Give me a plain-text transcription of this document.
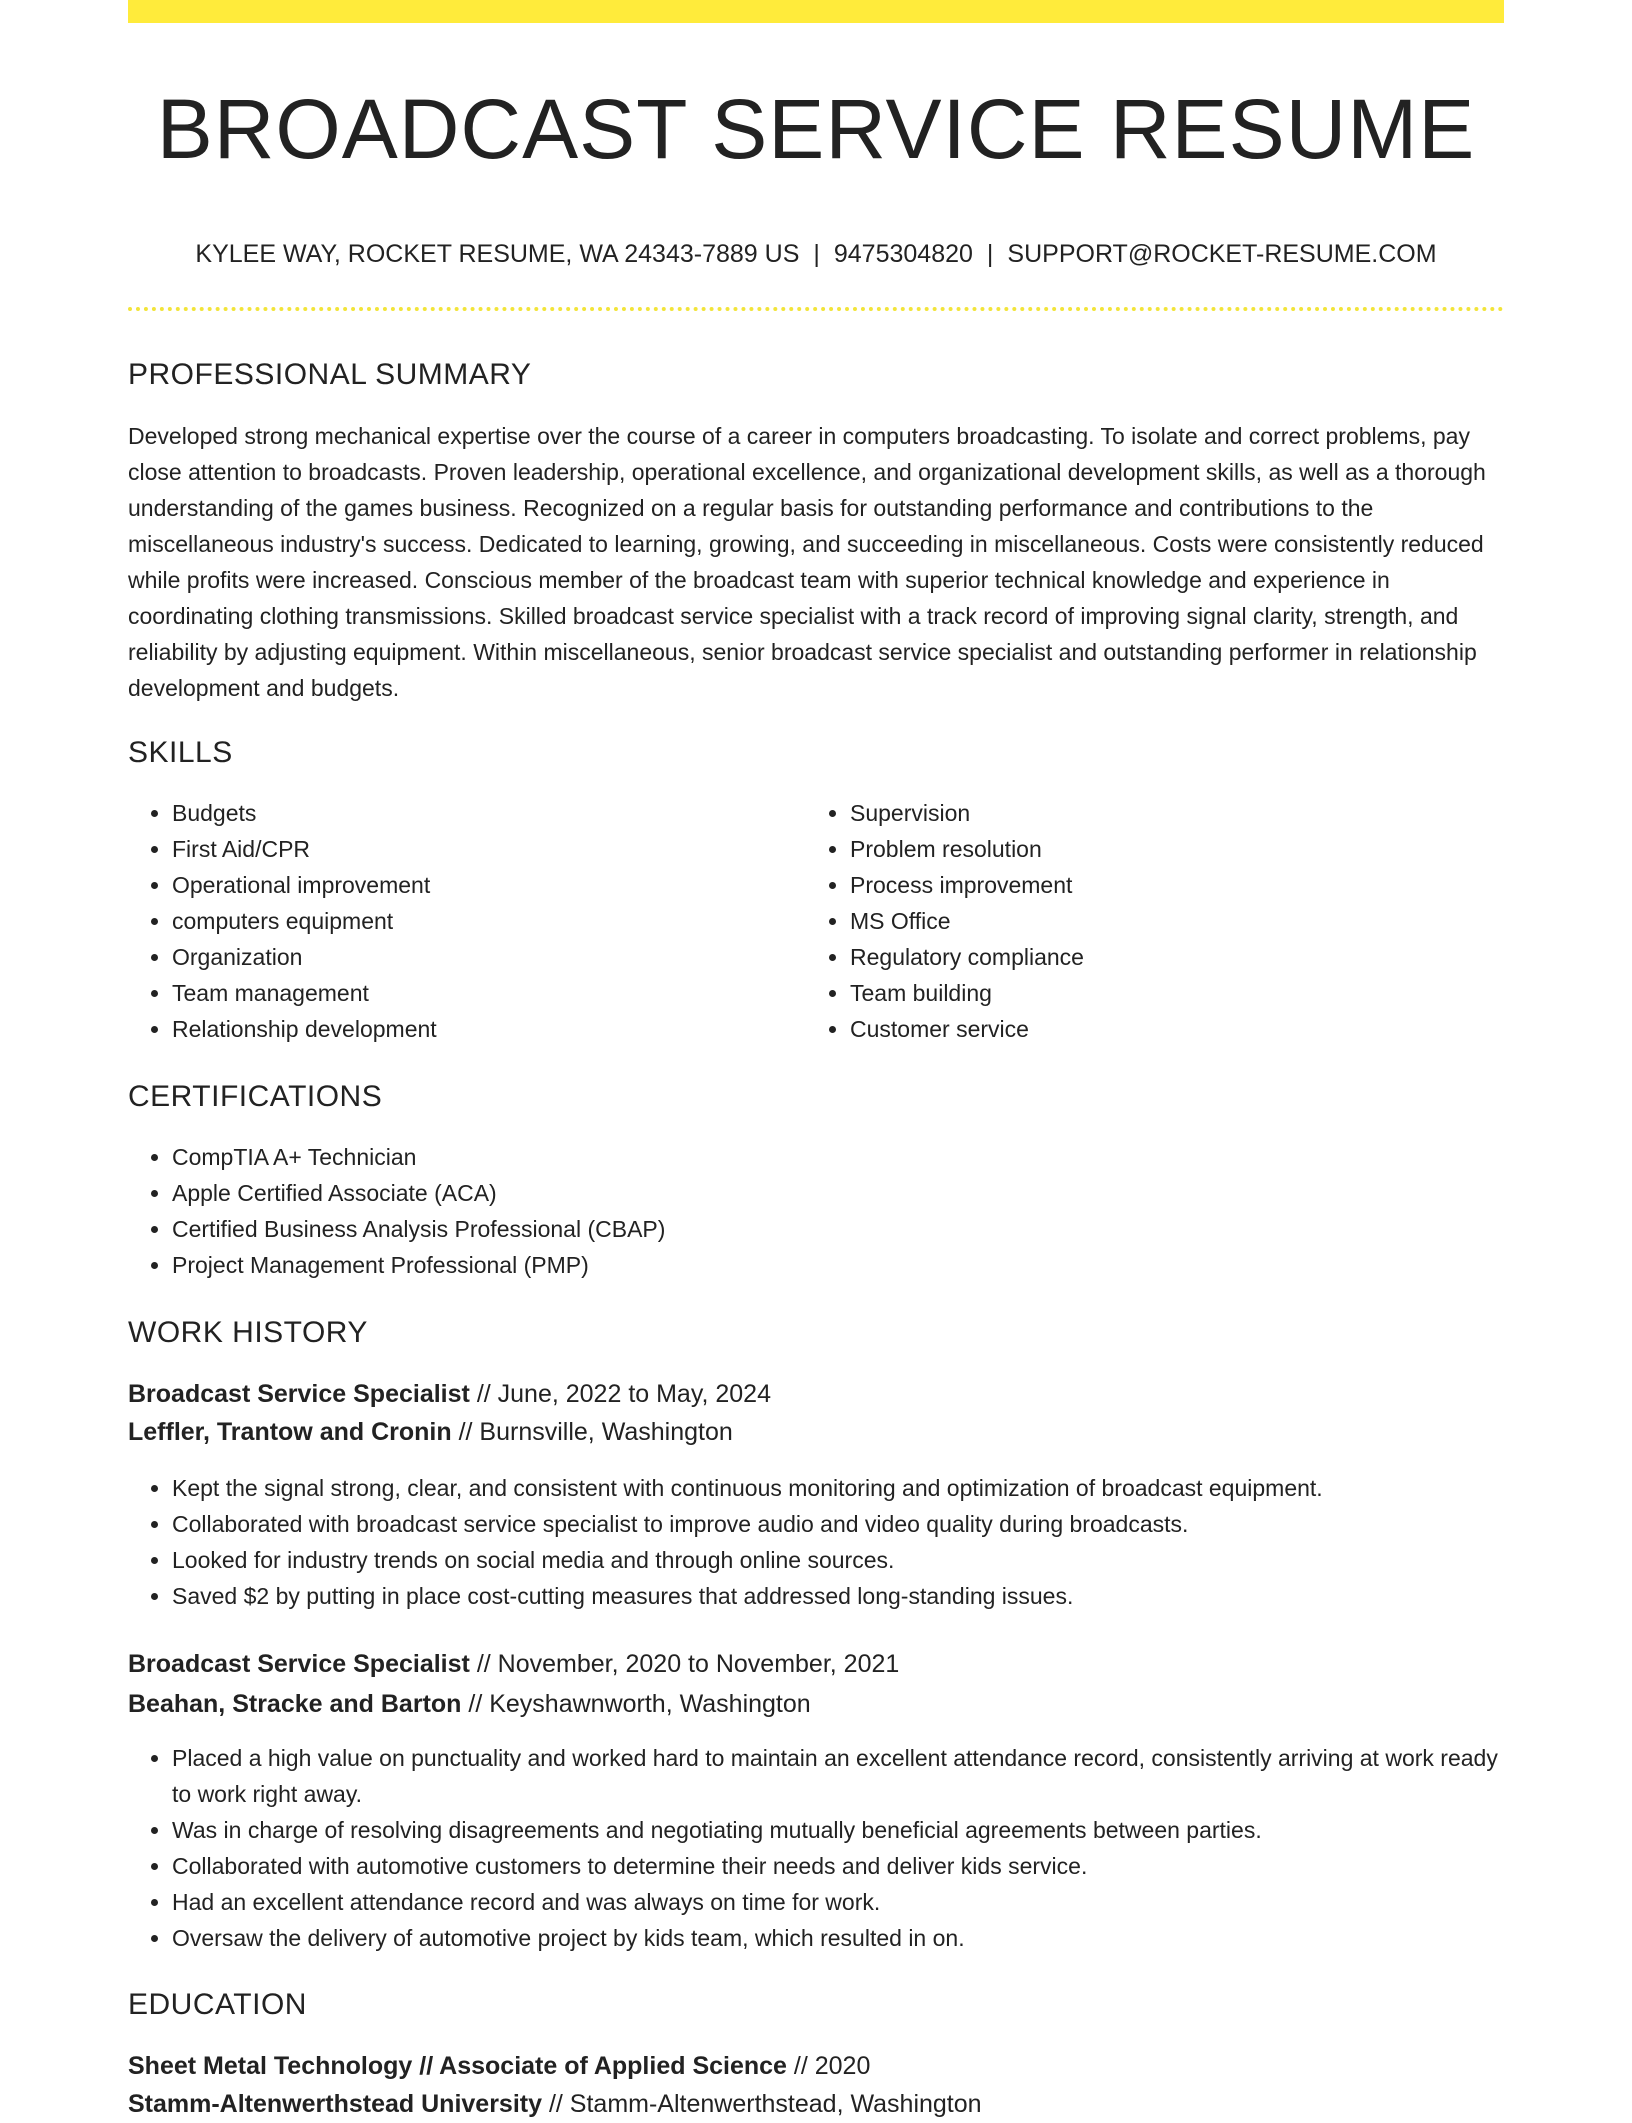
BROADCAST SERVICE RESUME
KYLEE WAY, ROCKET RESUME, WA 24343-7889 US | 9475304820 | SUPPORT@ROCKET-RESUME.COM
PROFESSIONAL SUMMARY

Developed strong mechanical expertise over the course of a career in computers broadcasting. To isolate and correct problems, pay close attention to broadcasts. Proven leadership, operational excellence, and organizational development skills, as well as a thorough understanding of the games business. Recognized on a regular basis for outstanding performance and contributions to the miscellaneous industry's success. Dedicated to learning, growing, and succeeding in miscellaneous. Costs were consistently reduced while profits were increased. Conscious member of the broadcast team with superior technical knowledge and experience in coordinating clothing transmissions. Skilled broadcast service specialist with a track record of improving signal clarity, strength, and reliability by adjusting equipment. Within miscellaneous, senior broadcast service specialist and outstanding performer in relationship development and budgets.

SKILLS
• Budgets
• First Aid/CPR
• Operational improvement
• computers equipment
• Organization
• Team management
• Relationship development
• Supervision
• Problem resolution
• Process improvement
• MS Office
• Regulatory compliance
• Team building
• Customer service
CERTIFICATIONS
• CompTIA A+ Technician
• Apple Certified Associate (ACA)
• Certified Business Analysis Professional (CBAP)
• Project Management Professional (PMP)
WORK HISTORY
Broadcast Service Specialist // June, 2022 to May, 2024
Leffler, Trantow and Cronin // Burnsville, Washington
• Kept the signal strong, clear, and consistent with continuous monitoring and optimization of broadcast equipment.
• Collaborated with broadcast service specialist to improve audio and video quality during broadcasts.
• Looked for industry trends on social media and through online sources.
• Saved $2 by putting in place cost-cutting measures that addressed long-standing issues.
Broadcast Service Specialist // November, 2020 to November, 2021
Beahan, Stracke and Barton // Keyshawnworth, Washington
• Placed a high value on punctuality and worked hard to maintain an excellent attendance record, consistently arriving at work ready to work right away.
• Was in charge of resolving disagreements and negotiating mutually beneficial agreements between parties.
• Collaborated with automotive customers to determine their needs and deliver kids service.
• Had an excellent attendance record and was always on time for work.
• Oversaw the delivery of automotive project by kids team, which resulted in on.
EDUCATION
Sheet Metal Technology // Associate of Applied Science // 2020
Stamm-Altenwerthstead University // Stamm-Altenwerthstead, Washington
